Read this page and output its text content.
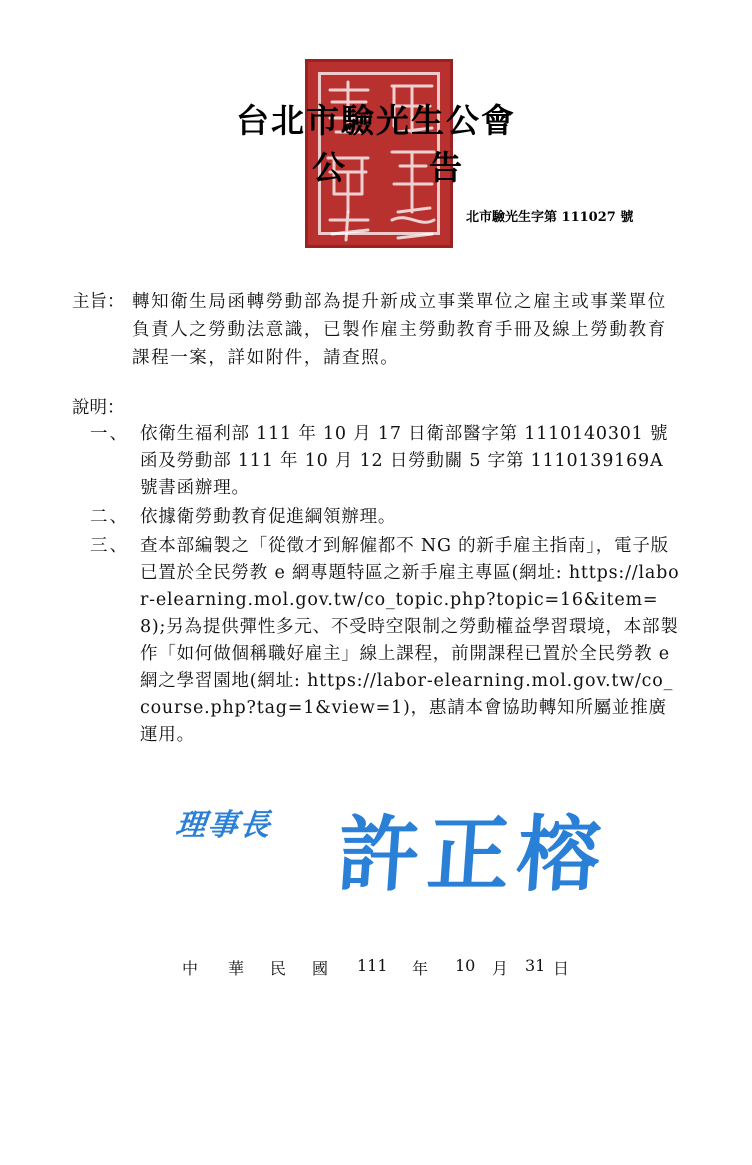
台北市驗光生公會
公	告
北市驗光生字第 111027 號
主旨： 轉知衛生局函轉勞動部為提升新成立事業單位之雇主或事業單位負責人之勞動法意識，已製作雇主勞動教育手冊及線上勞動教育課程一案，詳如附件，請查照。
說明：
一、 依衛生福利部 111 年 10 月 17 日衛部醫字第 1110140301 號函及勞動部 111 年 10 月 12 日勞動關 5 字第 1110139169A 號書函辦理。
二、 依據衛勞動教育促進綱領辦理。
三、 查本部編製之「從徵才到解僱都不 NG 的新手雇主指南」，電子版已置於全民勞教 e 網專題特區之新手雇主專區(網址: https://labor-elearning.mol.gov.tw/co_topic.php?topic=16&item=8);另為提供彈性多元、不受時空限制之勞動權益學習環境，本部製作「如何做個稱職好雇主」線上課程，前開課程已置於全民勞教 e 網之學習園地(網址: https://labor-elearning.mol.gov.tw/co_course.php?tag=1&view=1)，惠請本會協助轉知所屬並推廣運用。
理事長 許正榕

中

華

民

國

111

年

10

月

31

日
